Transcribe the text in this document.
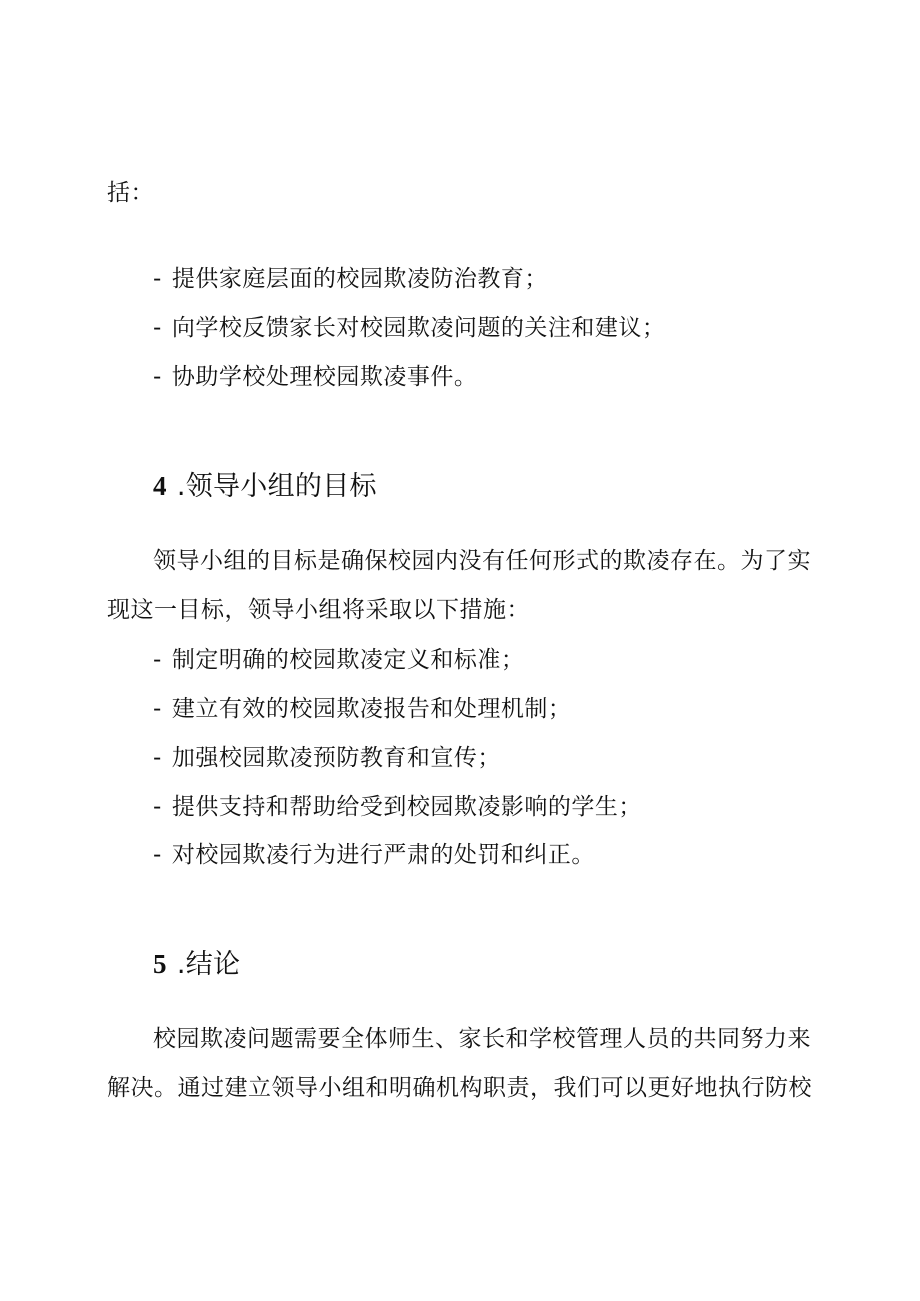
括：
- 提供家庭层面的校园欺凌防治教育；
- 向学校反馈家长对校园欺凌问题的关注和建议；
- 协助学校处理校园欺凌事件。
4 .领导小组的目标
领导小组的目标是确保校园内没有任何形式的欺凌存在。为了实
现这一目标，领导小组将采取以下措施：
- 制定明确的校园欺凌定义和标准；
- 建立有效的校园欺凌报告和处理机制；
- 加强校园欺凌预防教育和宣传；
- 提供支持和帮助给受到校园欺凌影响的学生；
- 对校园欺凌行为进行严肃的处罚和纠正。
5 .结论
校园欺凌问题需要全体师生、家长和学校管理人员的共同努力来
解决。通过建立领导小组和明确机构职责，我们可以更好地执行防校
